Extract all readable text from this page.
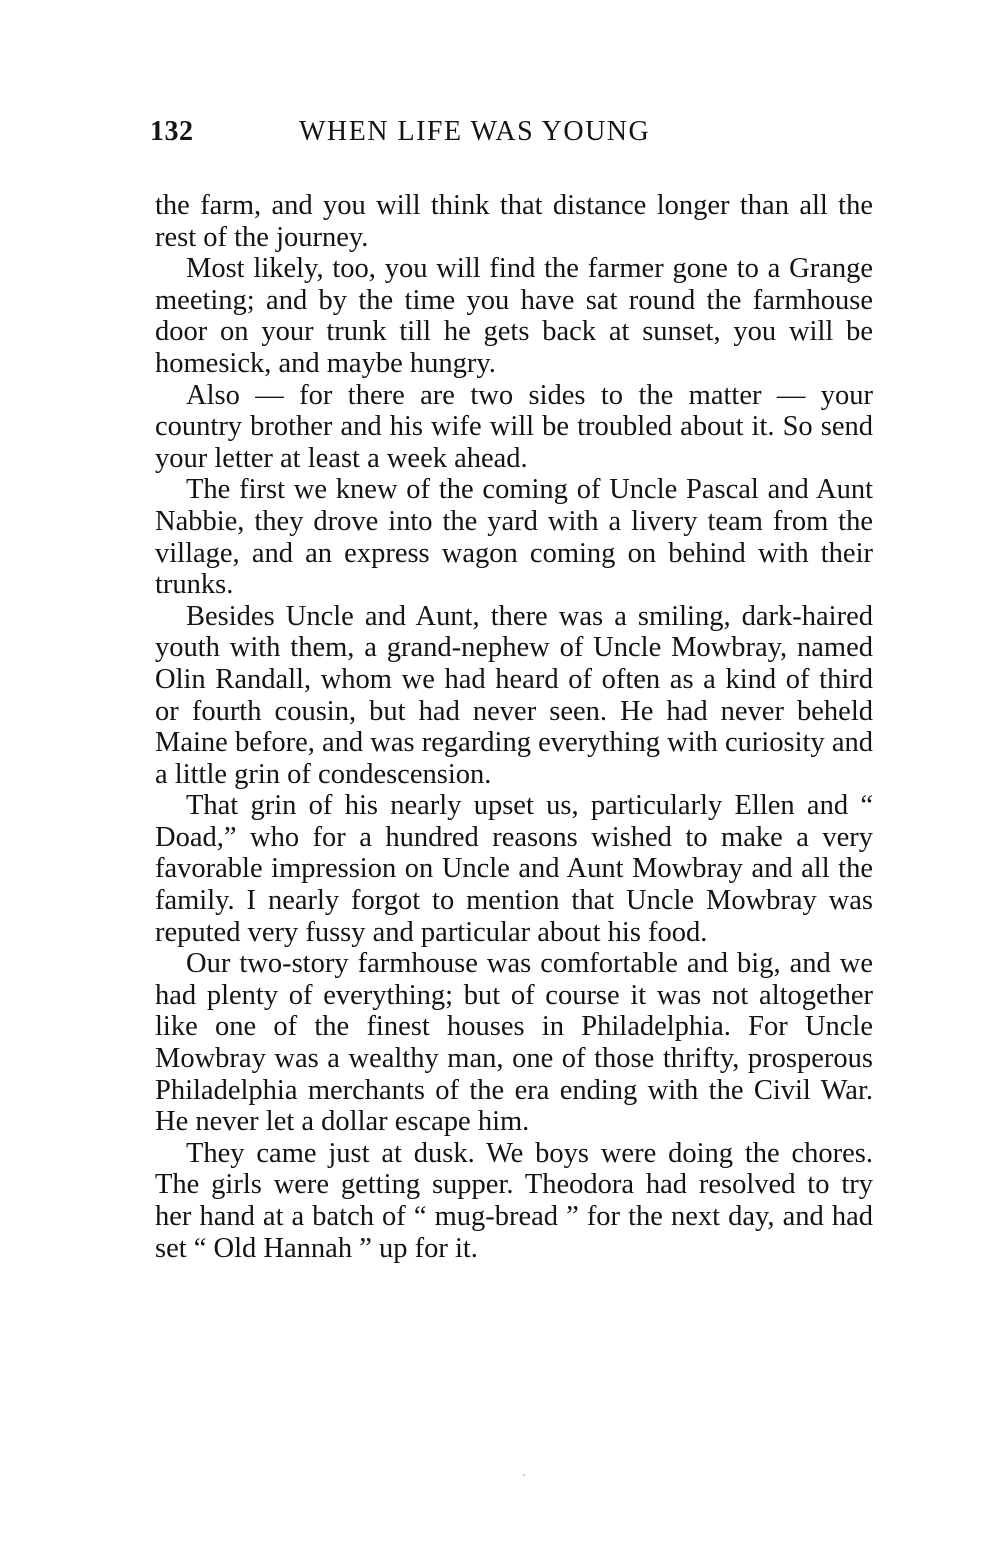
132	WHEN LIFE WAS YOUNG

the farm, and you will think that distance longer than all the rest of the journey.

Most likely, too, you will find the farmer gone to a Grange meeting; and by the time you have sat round the farmhouse door on your trunk till he gets back at sunset, you will be homesick, and maybe hungry.

Also — for there are two sides to the matter — your country brother and his wife will be troubled about it. So send your letter at least a week ahead.

The first we knew of the coming of Uncle Pascal and Aunt Nabbie, they drove into the yard with a livery team from the village, and an express wagon coming on behind with their trunks.

Besides Uncle and Aunt, there was a smiling, dark-haired youth with them, a grand-nephew of Uncle Mowbray, named Olin Randall, whom we had heard of often as a kind of third or fourth cousin, but had never seen. He had never beheld Maine before, and was regarding everything with curiosity and a little grin of condescension.

That grin of his nearly upset us, particularly Ellen and “ Doad,” who for a hundred reasons wished to make a very favorable impression on Uncle and Aunt Mowbray and all the family. I nearly forgot to mention that Uncle Mowbray was reputed very fussy and particular about his food.

Our two-story farmhouse was comfortable and big, and we had plenty of everything; but of course it was not altogether like one of the finest houses in Philadelphia. For Uncle Mowbray was a wealthy man, one of those thrifty, prosperous Philadelphia merchants of the era ending with the Civil War. He never let a dollar escape him.

They came just at dusk. We boys were doing the chores. The girls were getting supper. Theodora had resolved to try her hand at a batch of “ mug-bread ” for the next day, and had set “ Old Hannah ” up for it.
